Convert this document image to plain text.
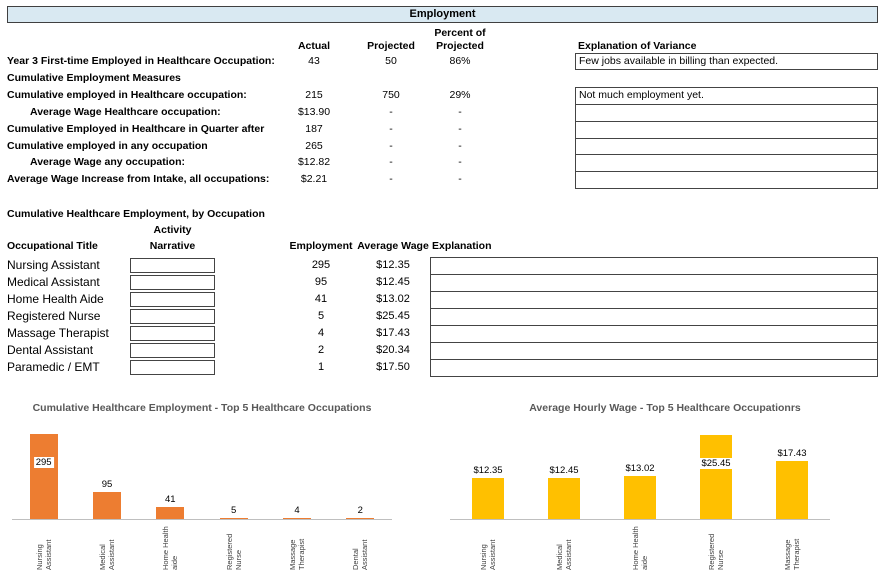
Employment
Percent of
Actual	Projected	Projected	Explanation of Variance
Year 3 First-time Employed in Healthcare Occupation:	43	50	86%	Few jobs available in billing than expected.
Cumulative Employment Measures
Cumulative employed in Healthcare occupation:	215	750	29%	Not much employment yet.
Average Wage Healthcare occupation:	$13.90	-	-
Cumulative Employed in Healthcare in Quarter after	187	-	-
Cumulative employed in any occupation	265	-	-
Average Wage any occupation:	$12.82	-	-
Average Wage Increase from Intake, all occupations:	$2.21	-	-
Cumulative Healthcare Employment, by Occupation
Activity
Occupational Title	Narrative	Employment Average Wage Explanation
Nursing Assistant	295	$12.35
Medical Assistant	95	$12.45
Home Health Aide	41	$13.02
Registered Nurse	5	$25.45
Massage Therapist	4	$17.43
Dental Assistant	2	$20.34
Paramedic / EMT	1	$17.50
Cumulative Healthcare Employment - Top 5 Healthcare Occupations
295
95
41
5	4	2
Nursing Assistant	Medical Assistant	Home Health aide	Registered Nurse	Massage Therapist	Dental Assistant
Average Hourly Wage - Top 5 Healthcare Occupationrs
$12.35	$12.45	$13.02	$25.45
$17.43
Nursing Assistant	Medical Assistant	Home Health aide	Registered Nurse	Massage Therapist
